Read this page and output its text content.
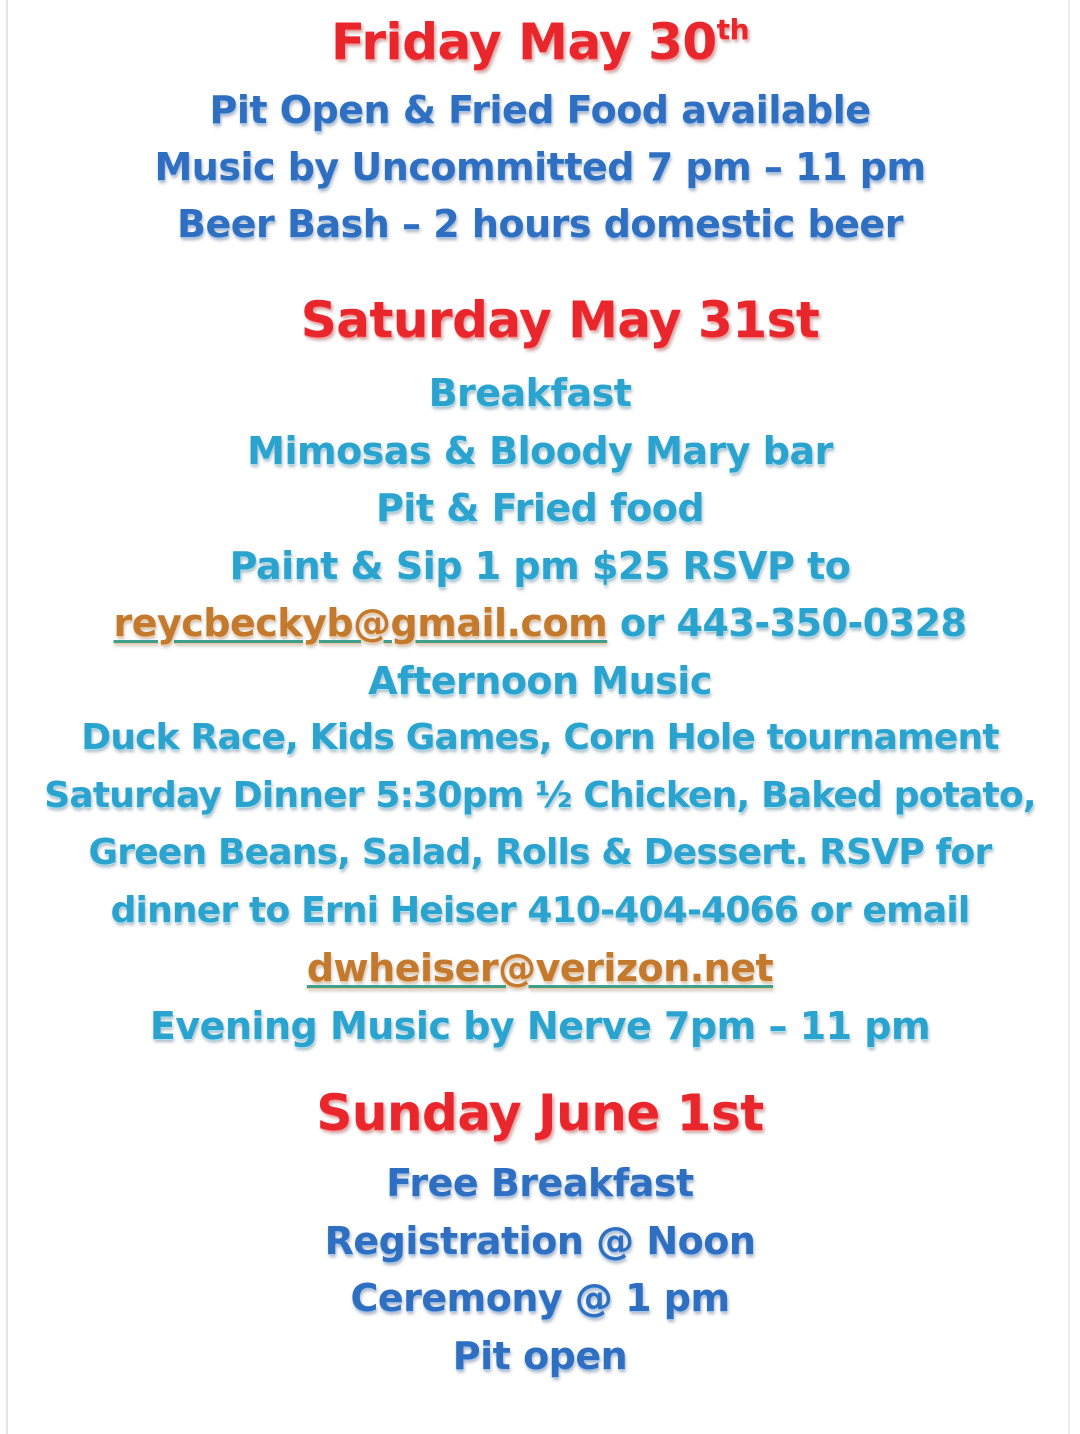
Friday May 30th
Pit Open & Fried Food available
Music by Uncommitted 7 pm – 11 pm
Beer Bash – 2 hours domestic beer
Saturday May 31st
Breakfast
Mimosas & Bloody Mary bar
Pit & Fried food
Paint & Sip 1 pm $25 RSVP to
reycbeckyb@gmail.com or 443-350-0328
Afternoon Music
Duck Race, Kids Games, Corn Hole tournament
Saturday Dinner 5:30pm ½ Chicken, Baked potato,
Green Beans, Salad, Rolls & Dessert. RSVP for
dinner to Erni Heiser 410-404-4066 or email
dwheiser@verizon.net
Evening Music by Nerve 7pm – 11 pm
Sunday June 1st
Free Breakfast
Registration @ Noon
Ceremony @ 1 pm
Pit open
